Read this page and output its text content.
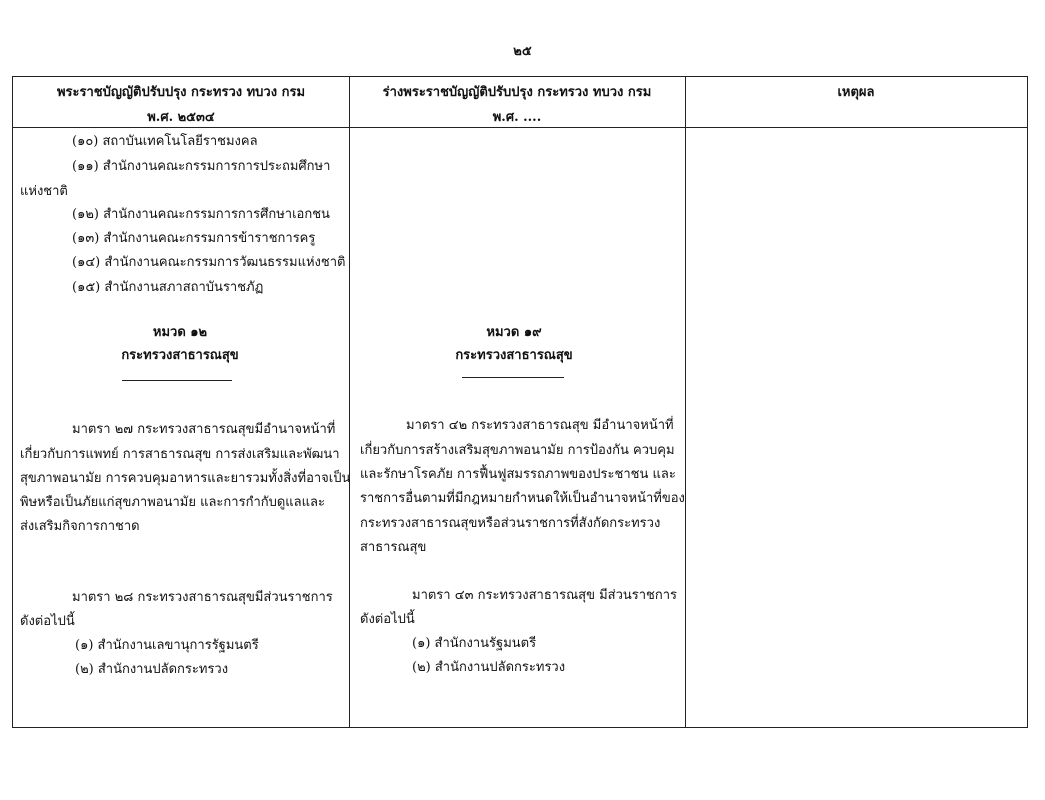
๒๕
พระราชบัญญัติปรับปรุง กระทรวง ทบวง กรม
พ.ศ. ๒๕๓๔
ร่างพระราชบัญญัติปรับปรุง กระทรวง ทบวง กรม
พ.ศ. ....
เหตุผล
(๑๐) สถาบันเทคโนโลยีราชมงคล
(๑๑) สำนักงานคณะกรรมการการประถมศึกษา
แห่งชาติ
(๑๒) สำนักงานคณะกรรมการการศึกษาเอกชน
(๑๓) สำนักงานคณะกรรมการข้าราชการครู
(๑๔) สำนักงานคณะกรรมการวัฒนธรรมแห่งชาติ
(๑๕) สำนักงานสภาสถาบันราชภัฏ
หมวด ๑๒
กระทรวงสาธารณสุข
มาตรา ๒๗ กระทรวงสาธารณสุขมีอำนาจหน้าที่
เกี่ยวกับการแพทย์ การสาธารณสุข การส่งเสริมและพัฒนา
สุขภาพอนามัย การควบคุมอาหารและยารวมทั้งสิ่งที่อาจเป็น
พิษหรือเป็นภัยแก่สุขภาพอนามัย และการกำกับดูแลและ
ส่งเสริมกิจการกาชาด
มาตรา ๒๘ กระทรวงสาธารณสุขมีส่วนราชการ
ดังต่อไปนี้
(๑) สำนักงานเลขานุการรัฐมนตรี
(๒) สำนักงานปลัดกระทรวง
หมวด ๑๙
กระทรวงสาธารณสุข
มาตรา ๔๒ กระทรวงสาธารณสุข มีอำนาจหน้าที่
เกี่ยวกับการสร้างเสริมสุขภาพอนามัย การป้องกัน ควบคุม
และรักษาโรคภัย การฟื้นฟูสมรรถภาพของประชาชน และ
ราชการอื่นตามที่มีกฎหมายกำหนดให้เป็นอำนาจหน้าที่ของ
กระทรวงสาธารณสุขหรือส่วนราชการที่สังกัดกระทรวง
สาธารณสุข
มาตรา ๔๓ กระทรวงสาธารณสุข มีส่วนราชการ
ดังต่อไปนี้
(๑) สำนักงานรัฐมนตรี
(๒) สำนักงานปลัดกระทรวง
